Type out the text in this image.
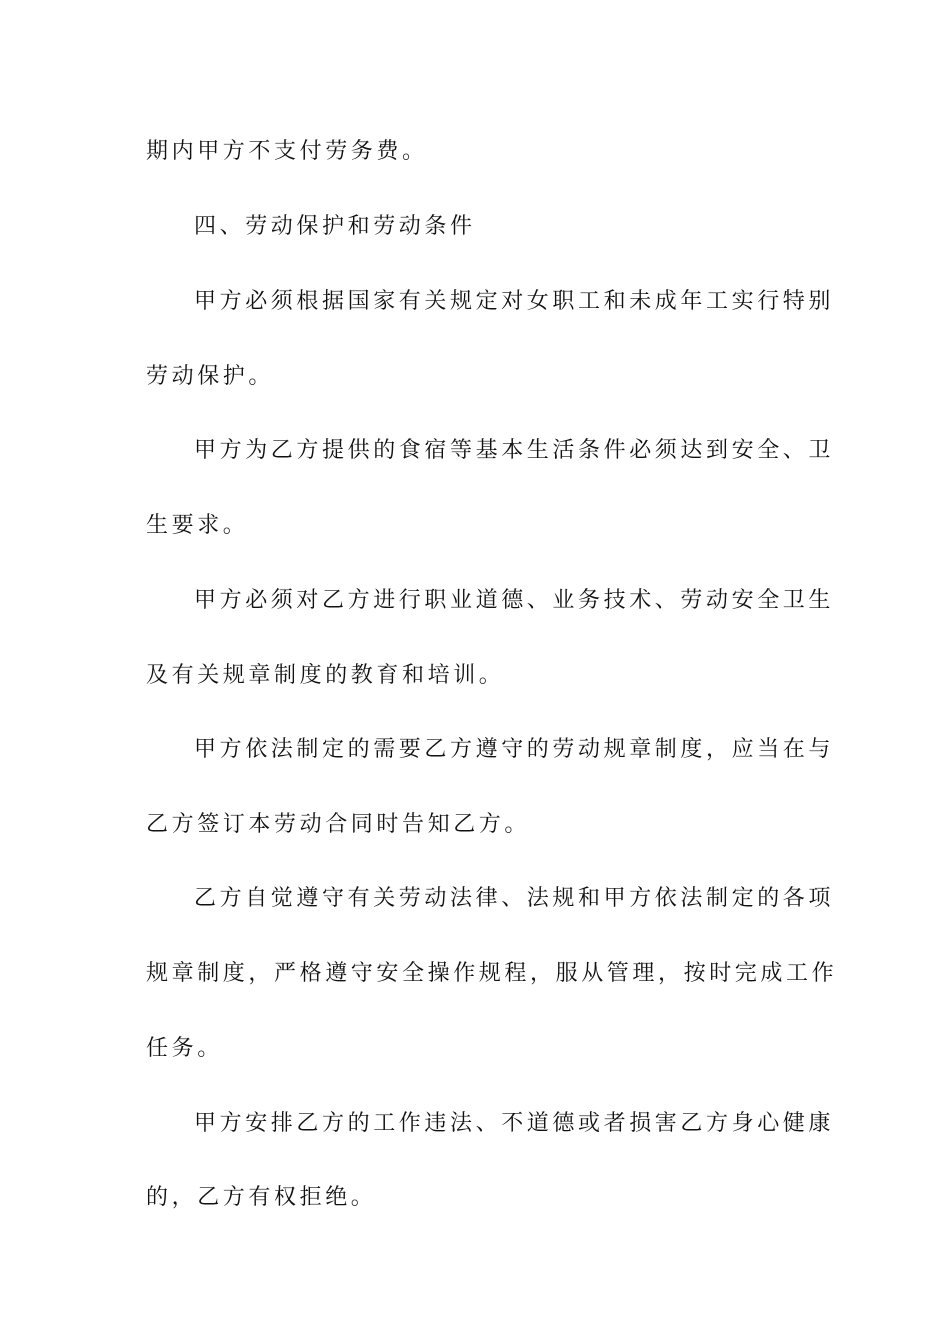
期内甲方不支付劳务费。
四、劳动保护和劳动条件
甲方必须根据国家有关规定对女职工和未成年工实行特别
劳动保护。
甲方为乙方提供的食宿等基本生活条件必须达到安全、卫
生要求。
甲方必须对乙方进行职业道德、业务技术、劳动安全卫生
及有关规章制度的教育和培训。
甲方依法制定的需要乙方遵守的劳动规章制度，应当在与
乙方签订本劳动合同时告知乙方。
乙方自觉遵守有关劳动法律、法规和甲方依法制定的各项
规章制度，严格遵守安全操作规程，服从管理，按时完成工作
任务。
甲方安排乙方的工作违法、不道德或者损害乙方身心健康
的，乙方有权拒绝。
